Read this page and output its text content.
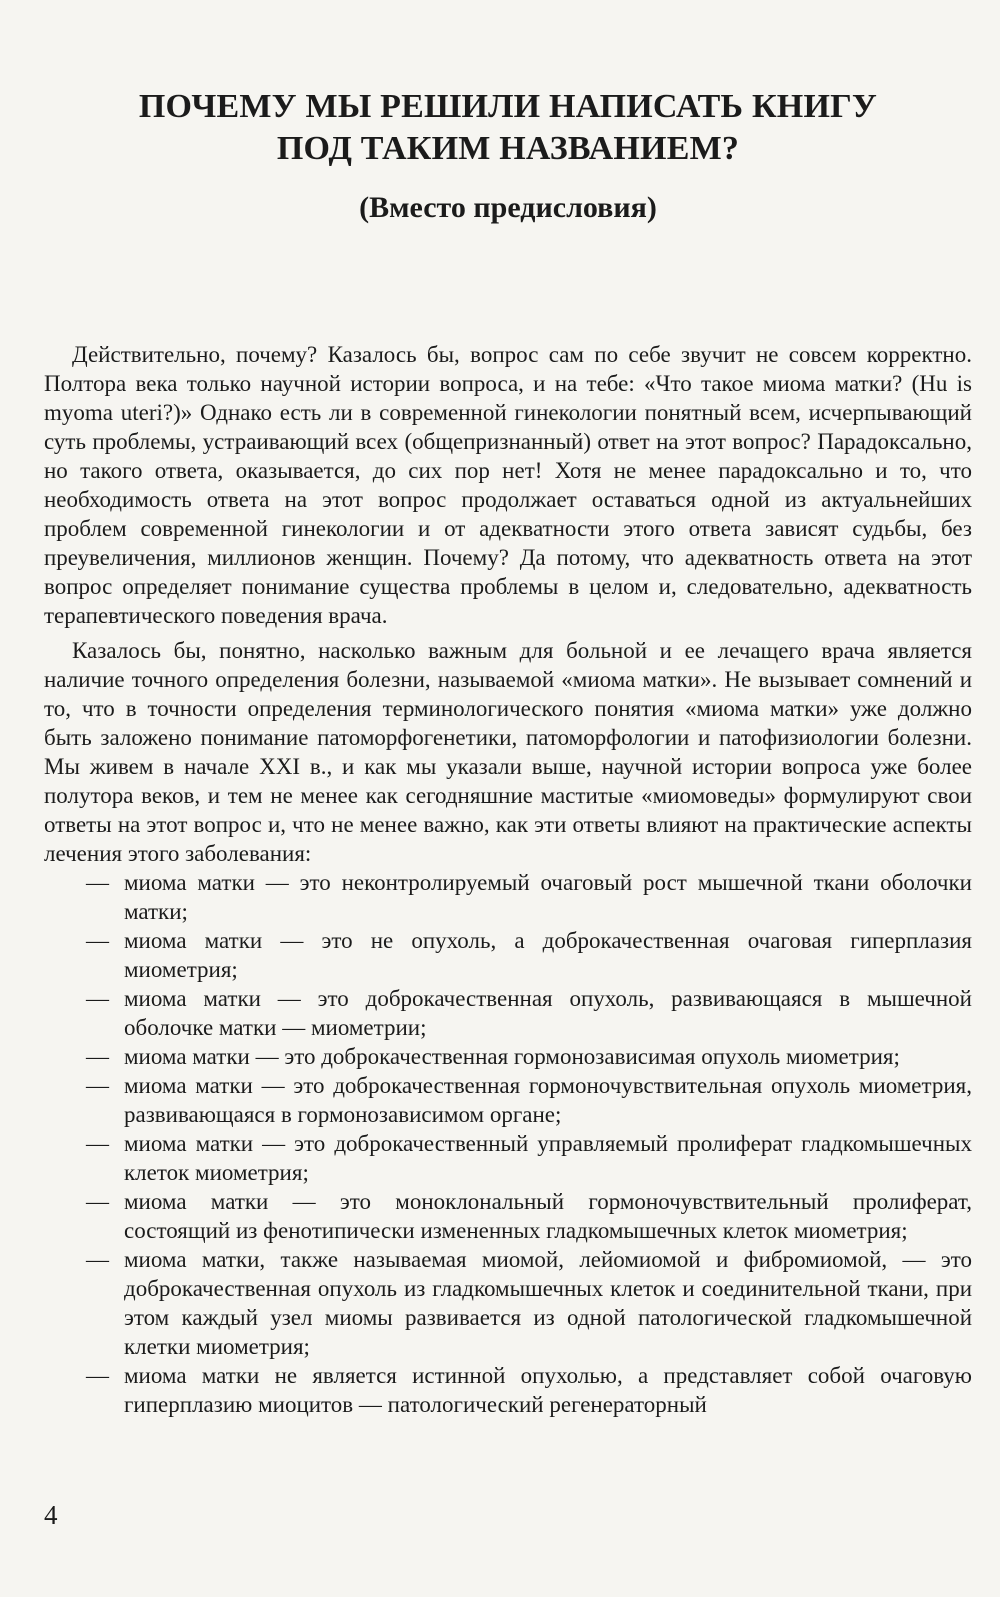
ПОЧЕМУ МЫ РЕШИЛИ НАПИСАТЬ КНИГУ
ПОД ТАКИМ НАЗВАНИЕМ?
(Вместо предисловия)

Действительно, почему? Казалось бы, вопрос сам по себе звучит не совсем корректно. Полтора века только научной истории вопроса, и на тебе: «Что такое миома матки? (Hu is myoma uteri?)» Однако есть ли в современной гинекологии понятный всем, исчерпывающий суть проблемы, устраивающий всех (общепризнанный) ответ на этот вопрос? Парадоксально, но такого ответа, оказывается, до сих пор нет! Хотя не менее парадоксально и то, что необходимость ответа на этот вопрос продолжает оставаться одной из актуальнейших проблем современной гинекологии и от адекватности этого ответа зависят судьбы, без преувеличения, миллионов женщин. Почему? Да потому, что адекватность ответа на этот вопрос определяет понимание существа проблемы в целом и, следовательно, адекватность терапевтического поведения врача.

Казалось бы, понятно, насколько важным для больной и ее лечащего врача является наличие точного определения болезни, называемой «миома матки». Не вызывает сомнений и то, что в точности определения терминологического понятия «миома матки» уже должно быть заложено понимание патоморфогенетики, патоморфологии и патофизиологии болезни. Мы живем в начале XXI в., и как мы указали выше, научной истории вопроса уже более полутора веков, и тем не менее как сегодняшние маститые «миомоведы» формулируют свои ответы на этот вопрос и, что не менее важно, как эти ответы влияют на практические аспекты лечения этого заболевания:

— миома матки — это неконтролируемый очаговый рост мышечной ткани оболочки матки;
— миома матки — это не опухоль, а доброкачественная очаговая гиперплазия миометрия;
— миома матки — это доброкачественная опухоль, развивающаяся в мышечной оболочке матки — миометрии;
— миома матки — это доброкачественная гормонозависимая опухоль миометрия;
— миома матки — это доброкачественная гормоночувствительная опухоль миометрия, развивающаяся в гормонозависимом органе;
— миома матки — это доброкачественный управляемый пролиферат гладкомышечных клеток миометрия;
— миома матки — это моноклональный гормоночувствительный пролиферат, состоящий из фенотипически измененных гладкомышечных клеток миометрия;
— миома матки, также называемая миомой, лейомиомой и фибромиомой, — это доброкачественная опухоль из гладкомышечных клеток и соединительной ткани, при этом каждый узел миомы развивается из одной патологической гладкомышечной клетки миометрия;
— миома матки не является истинной опухолью, а представляет собой очаговую гиперплазию миоцитов — патологический регенераторный
4
